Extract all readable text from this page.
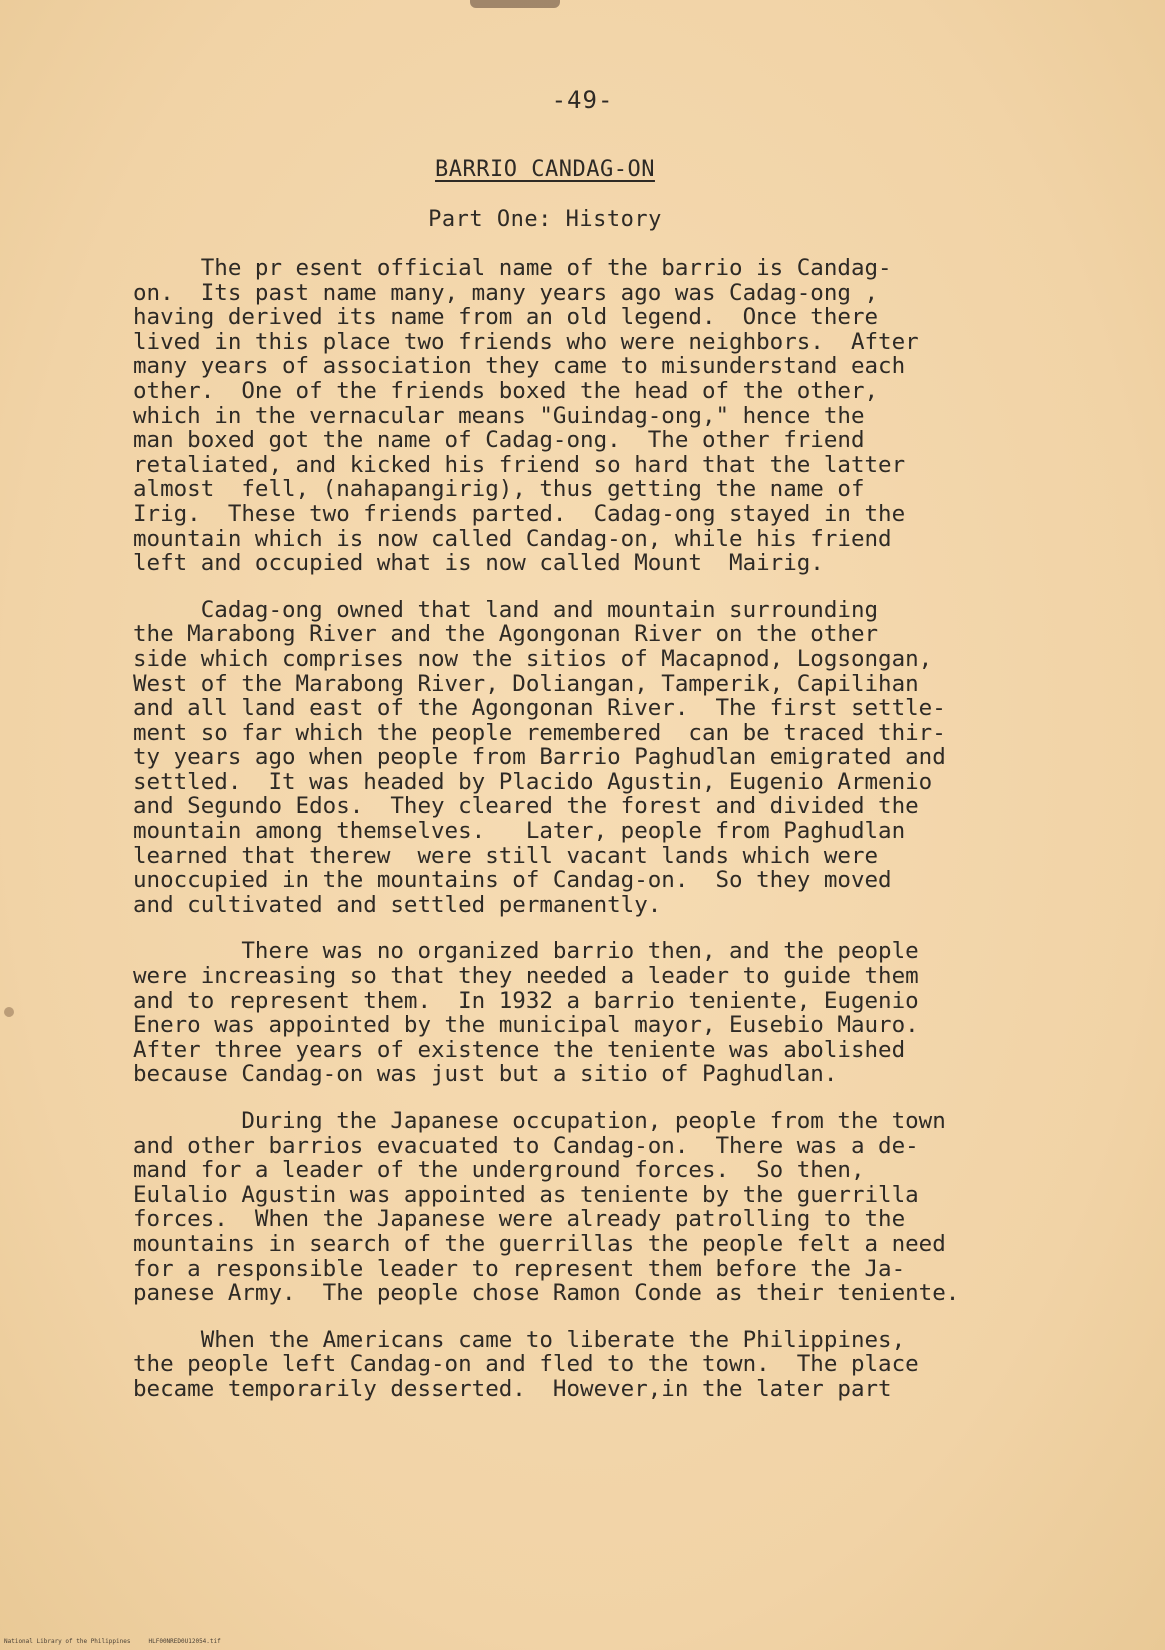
-49-
BARRIO CANDAG-ON
Part One: History
The pr esent official name of the barrio is Candag-
on.  Its past name many, many years ago was Cadag-ong ,
having derived its name from an old legend.  Once there
lived in this place two friends who were neighbors.  After
many years of association they came to misunderstand each
other.  One of the friends boxed the head of the other,
which in the vernacular means "Guindag-ong," hence the
man boxed got the name of Cadag-ong.  The other friend
retaliated, and kicked his friend so hard that the latter
almost  fell, (nahapangirig), thus getting the name of
Irig.  These two friends parted.  Cadag-ong stayed in the
mountain which is now called Candag-on, while his friend
left and occupied what is now called Mount  Mairig.
Cadag-ong owned that land and mountain surrounding
the Marabong River and the Agongonan River on the other
side which comprises now the sitios of Macapnod, Logsongan,
West of the Marabong River, Doliangan, Tamperik, Capilihan
and all land east of the Agongonan River.  The first settle-
ment so far which the people remembered  can be traced thir-
ty years ago when people from Barrio Paghudlan emigrated and
settled.  It was headed by Placido Agustin, Eugenio Armenio
and Segundo Edos.  They cleared the forest and divided the
mountain among themselves.   Later, people from Paghudlan
learned that therew  were still vacant lands which were
unoccupied in the mountains of Candag-on.  So they moved
and cultivated and settled permanently.
There was no organized barrio then, and the people
were increasing so that they needed a leader to guide them
and to represent them.  In 1932 a barrio teniente, Eugenio
Enero was appointed by the municipal mayor, Eusebio Mauro.
After three years of existence the teniente was abolished
because Candag-on was just but a sitio of Paghudlan.
During the Japanese occupation, people from the town
and other barrios evacuated to Candag-on.  There was a de-
mand for a leader of the underground forces.  So then,
Eulalio Agustin was appointed as teniente by the guerrilla
forces.  When the Japanese were already patrolling to the
mountains in search of the guerrillas the people felt a need
for a responsible leader to represent them before the Ja-
panese Army.  The people chose Ramon Conde as their teniente.
When the Americans came to liberate the Philippines,
the people left Candag-on and fled to the town.  The place
became temporarily desserted.  However,in the later part
National Library of the Philippines     HLF00NRED0U12054.tif
